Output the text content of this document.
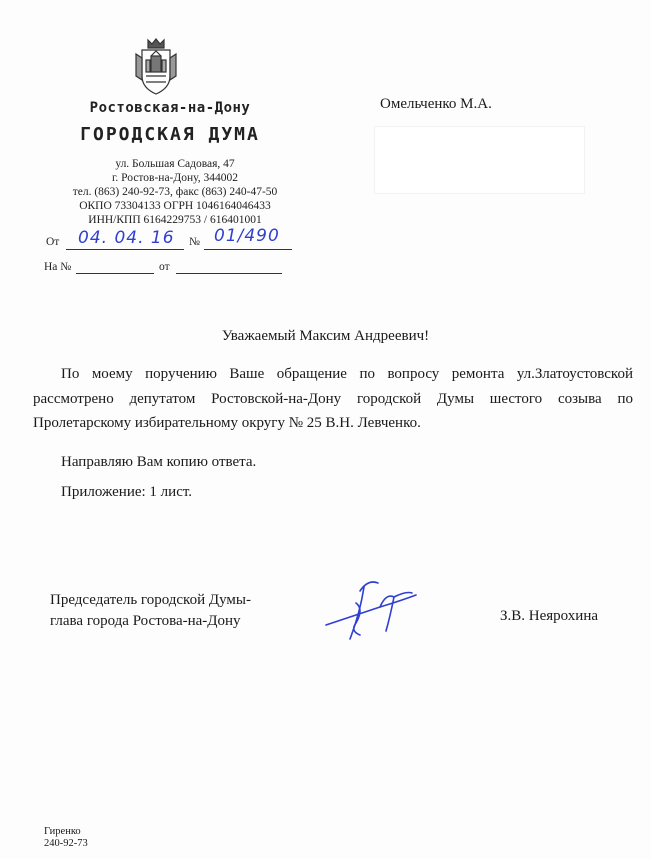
Ростовская-на-Дону
ГОРОДСКАЯ ДУМА
ул. Большая Садовая, 47
г. Ростов-на-Дону, 344002
тел. (863) 240-92-73, факс (863) 240-47-50
ОКПО 73304133 ОГРН 1046164046433
ИНН/КПП 6164229753 / 616401001
От 04. 04. 16 № 01/490
На №	от
Омельченко М.А.
Уважаемый Максим Андреевич!

По моему поручению Ваше обращение по вопросу ремонта ул.Златоустовской

рассмотрено депутатом Ростовской-на-Дону городской Думы шестого созыва по

Пролетарскому избирательному округу № 25 В.Н. Левченко.

Направляю Вам копию ответа.
Приложение: 1 лист.
Председатель городской Думы-
глава города Ростова-на-Дону	З.В. Неярохина
Гиренко
240-92-73
